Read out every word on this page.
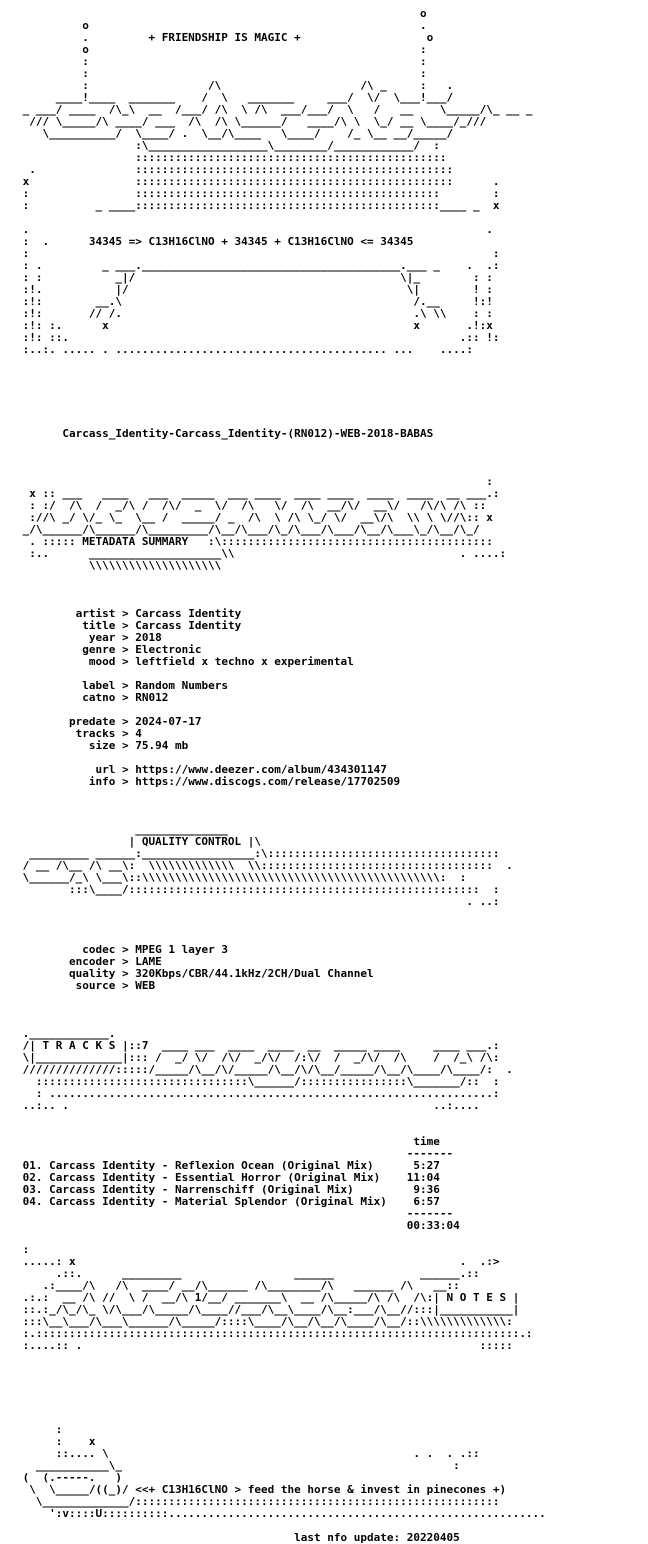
o
o                                                  .
.         + FRIENDSHIP IS MAGIC +                   o
o                                                  :
:                                                  :
:                                                  :
:                  /\                     /\ _     :   .
____!____  _______    /  \   _______     ___/  \/  \___!___/
_ ___/ ____  /\_\  __  /___/ /\  \ /\  ___/___/  \   /   __    \_____/\_ __ _
/// \_____/\ ____/ ___  /\  /\ \______/   ____/\ \  \_/ __ \____/_///
\__________/  \____/ .  \__/\____   \____/    /_ \__ __/_____/
:\__________________\________/____________/  :
:::::::::::::::::::::::::::::::::::::::::::::::
.               ::::::::::::::::::::::::::::::::::::::::::::::::
x                ::::::::::::::::::::::::::::::::::::::::::::::::      .
:                ::::::::::::::::::::::::::::::::::::::::::::::        :
:          _ ____::::::::::::::::::::::::::::::::::::::::::::::____ _  x
.                                                                     .
:  .      34345 => C13H16ClNO + 34345 + C13H16ClNO <= 34345
:                                                                      :
: .         _ ___._______________________________________.___ _    .  .:
: :           _|/                                        \|_        : :
:!.           |/                                          \|        ! :
:!:        __.\                                            /.__     !:!
:!:       // /.                                            .\ \\    : :
:!: :.      x                                              x       .!:x
:!: ::.                                                           .:: !:
:..:. ..... . ......................................... ...    ....:
Carcass_Identity-Carcass_Identity-(RN012)-WEB-2018-BABAS
:
x :: ___   ____   ___  _____  ___ ____  ____ ____  ____  ____  __ ___.:
: :/  /\  /  _/\ /  /\/  _  \/  /\   \/  /\  __/\/  __\/   /\/\ /\ ::
://\ _/ \/_ \_  \__ /  _____/ _  /\  \ /\ \_/ \/  __\/\  \\ \ \//\:: x
_/\______/\______/\_________/\__/\___/\_/\___/\___/\__/\___\_/\__/\_/
. ::::: METADATA SUMMARY   :\:::::::::::::::::::::::::::::::::::::::::
:..      ____________________\\                                  . ....:
\\\\\\\\\\\\\\\\\\\\
artist > Carcass Identity
title > Carcass Identity
year > 2018
genre > Electronic
mood > leftfield x techno x experimental
label > Random Numbers
catno > RN012
predate > 2024-07-17
tracks > 4
size > 75.94 mb
url > https://www.deezer.com/album/434301147
info > https://www.discogs.com/release/17702509
______________
| QUALITY CONTROL |\
_________ ______:_________________:\:::::::::::::::::::::::::::::::::::
/ __ /\__ /\ __\:  \\\\\\\\\\\\\  \\:::::::::::::::::::::::::::::::::::  .
\______/_\ \___\::\\\\\\\\\\\\\\\\\\\\\\\\\\\\\\\\\\\\\\\\\\\\\:  :
:::\____/:::::::::::::::::::::::::::::::::::::::::::::::::::::  :
. ..:
codec > MPEG 1 layer 3
encoder > LAME
quality > 320Kbps/CBR/44.1kHz/2CH/Dual Channel
source > WEB
.____________.
/| T R A C K S |::7  ____ ___  ____  ____  __  _____ ____     ____ ___.:
\|_____________|::: /  _/ \/  /\/  _/\/  /:\/  /  _/\/  /\    /  /_\ /\:
//////////////:::::/_____/\__/\/_____/\__/\/\__/_____/\__/\____/\____/:  .
::::::::::::::::::::::::::::::::\______/::::::::::::::::\_______/::  :
: ...................................................................:
..:.. .                                                       ..:....
time
-------
01. Carcass Identity - Reflexion Ocean (Original Mix)	5:27
02. Carcass Identity - Essential Horror (Original Mix) 11:04
03. Carcass Identity - Narrenschiff (Original Mix)	9:36
04. Carcass Identity - Material Splendor (Original Mix) 6:57
-------
00:33:04
:
.....: x                                                          .  .:>
.::.      _________                 ______             ______.::
.:____/\   /\  ____/ __/\______ /\________/\   ______ /\   __::
.:.:  __ /\ //  \ /  __/\ 1/__/ _______\  __ /\_____/\ /\  /\:| N O T E S |
::.:_/\_/\_ \/\___/\_____/\____//___/\__\____/\__:___/\__//:::|___________|
:::\__\___/\___\______/\_____/::::\____/\__/\__/\____/\__/::\\\\\\\\\\\\\:
:.:::::::::::::::::::::::::::::::::::::::::::::::::::::::::::::::::::::::::.:
:....:: .                                                            :::::
:
:    x
::.... \                                              . .  . .::
___________\_                                                  :
(  (.-----.   )
\  \_____/((_)/ <<+ C13H16ClNO > feed the horse & invest in pinecones +)
\_____________/:::::::::::::::::::::::::::::::::::::::::::::::::::::::
':v::::U::::::::::.........................................................
last nfo update: 20220405
